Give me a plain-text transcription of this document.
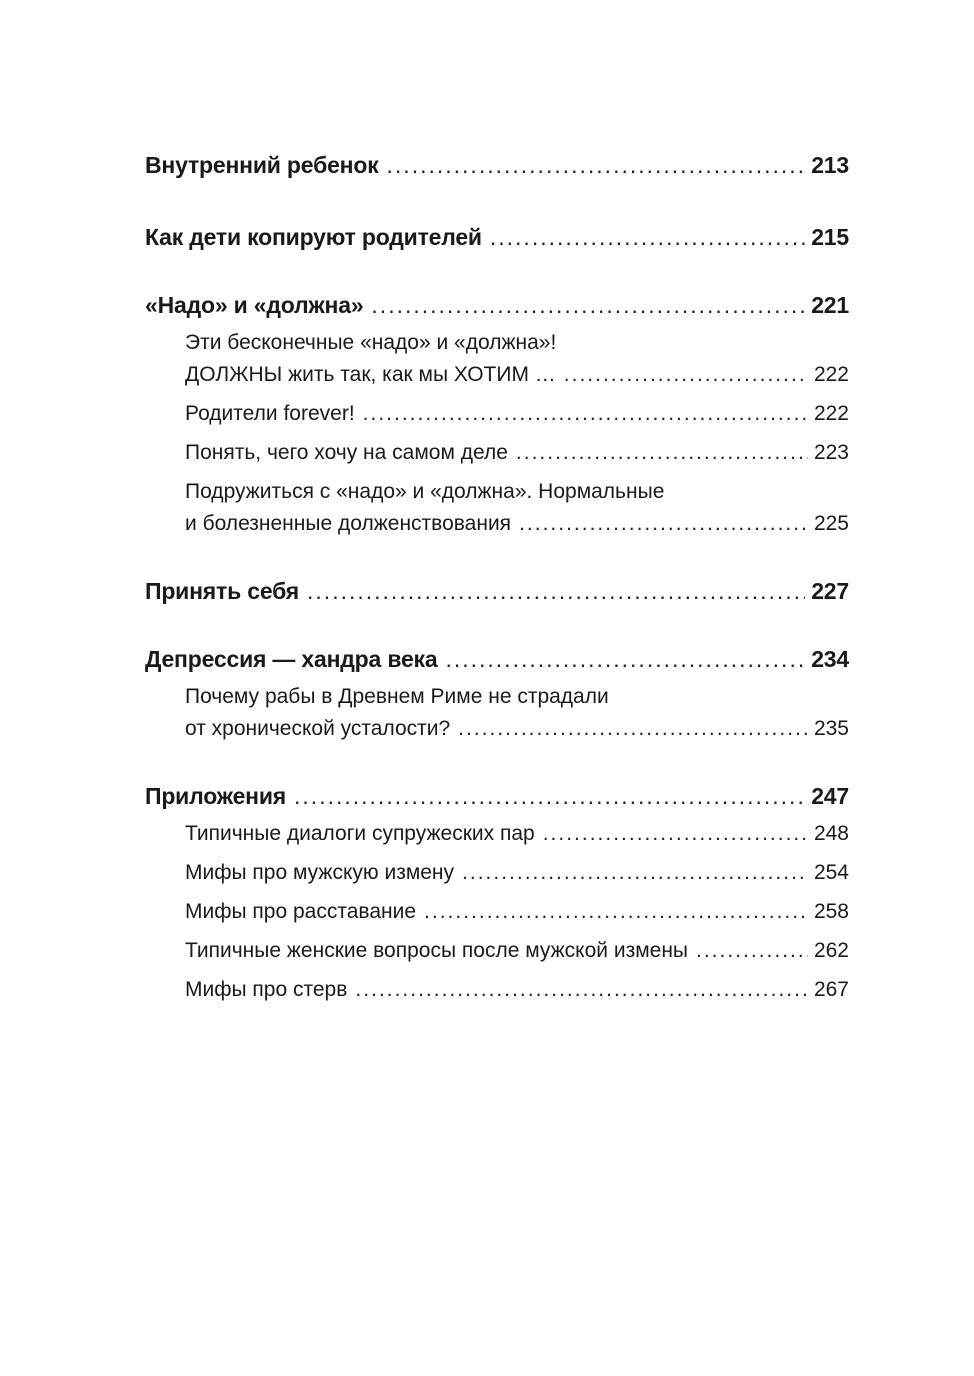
Внутренний ребенок .....	213
Как дети копируют родителей .....	215
«Надо» и «должна» .....	221
Эти бесконечные «надо» и «должна»!
ДОЛЖНЫ жить так, как мы ХОТИМ … .....	222
Родители forever! .....	222
Понять, чего хочу на самом деле .....	223
Подружиться с «надо» и «должна». Нормальные
и болезненные долженствования .....	225
Принять себя .....	227
Депрессия — хандра века .....	234
Почему рабы в Древнем Риме не страдали
от хронической усталости? .....	235
Приложения .....	247
Типичные диалоги супружеских пар .....	248
Мифы про мужскую измену .....	254
Мифы про расставание .....	258
Типичные женские вопросы после мужской измены .....	262
Мифы про стерв .....	267
